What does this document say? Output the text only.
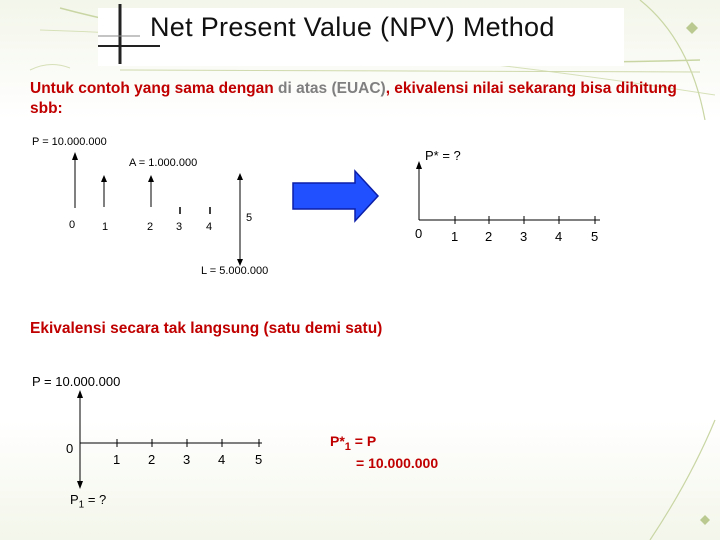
Net Present Value (NPV) Method
Untuk contoh yang sama dengan di atas (EUAC), ekivalensi nilai sekarang bisa dihitung sbb:
P = 10.000.000
A = 1.000.000
L = 5.000.000
0 1	2 3 4
5
P* = ?
0 1 2 3 4 5
Ekivalensi secara tak langsung (satu demi satu)
P = 10.000.000
0
1 2 3 4 5
$P_1$ = ?
$P*_1 = P$
= 10.000.000
